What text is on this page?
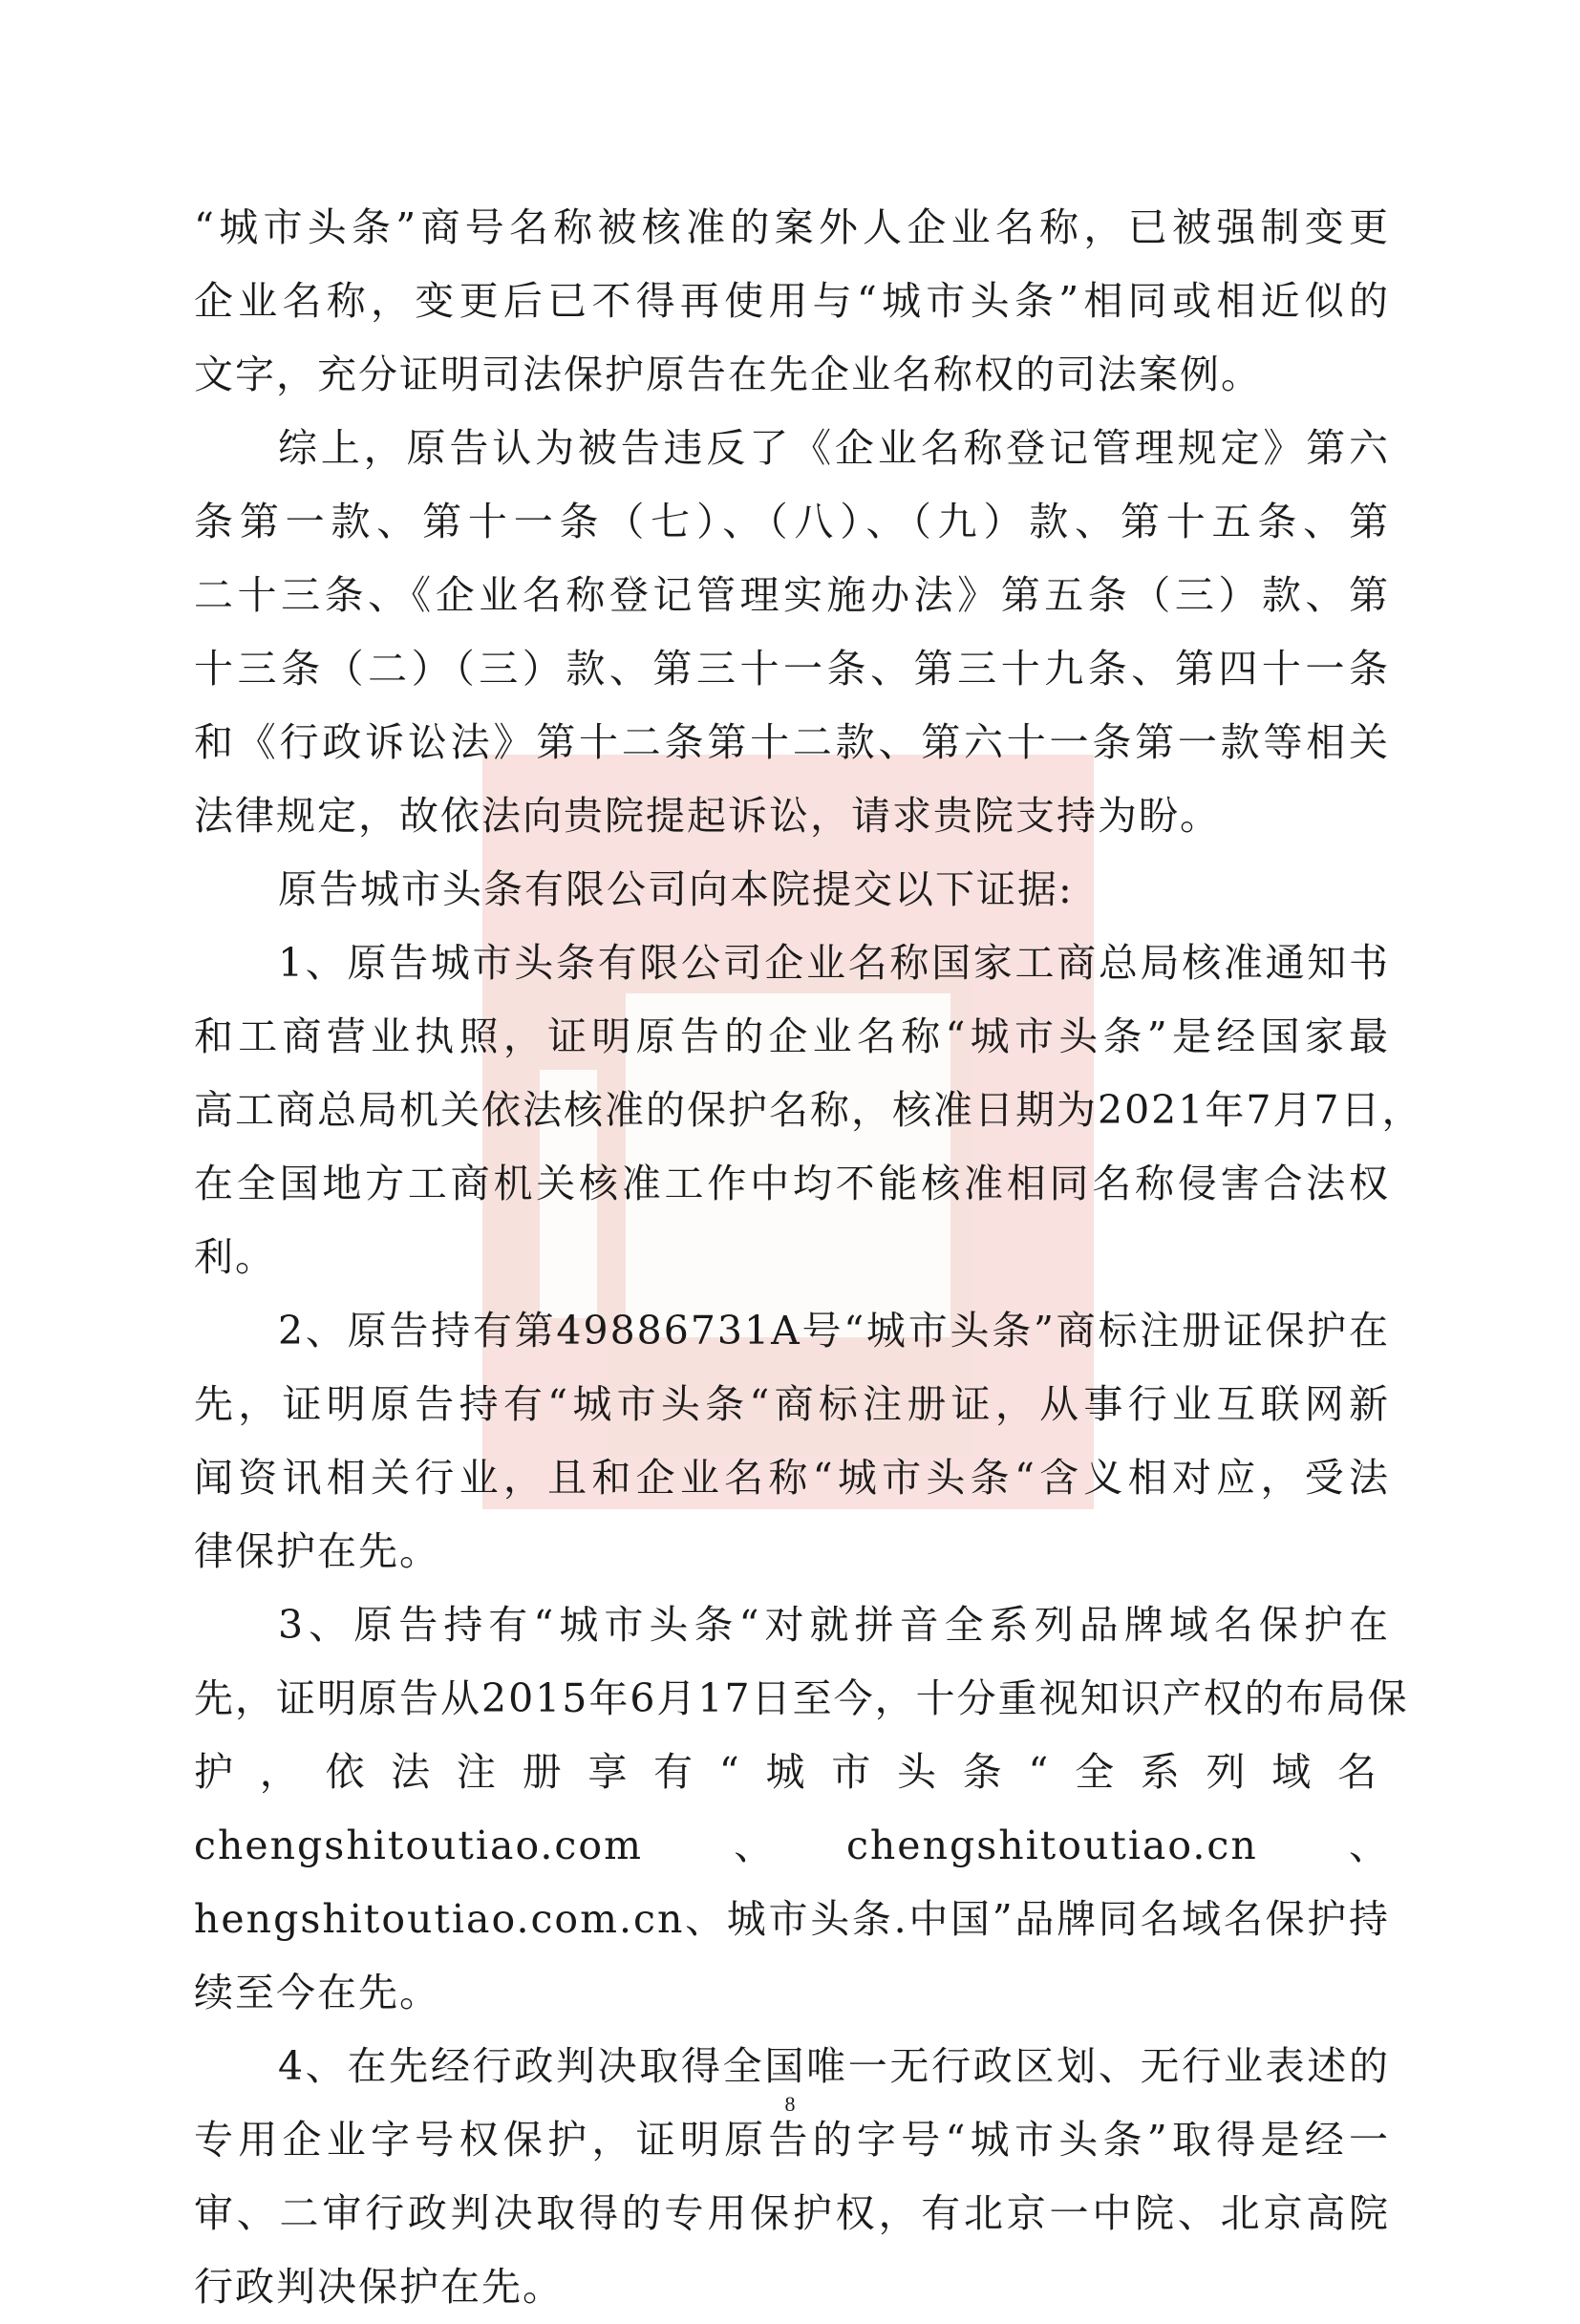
“城市头条”商号名称被核准的案外人企业名称，已被强制变更
企业名称，变更后已不得再使用与“城市头条”相同或相近似的
文字，充分证明司法保护原告在先企业名称权的司法案例。
综上，原告认为被告违反了《企业名称登记管理规定》第六
条第一款、第十一条（七）、（八）、（九）款、第十五条、第
二十三条、《企业名称登记管理实施办法》第五条（三）款、第
十三条（二）（三）款、第三十一条、第三十九条、第四十一条
和《行政诉讼法》第十二条第十二款、第六十一条第一款等相关
法律规定，故依法向贵院提起诉讼，请求贵院支持为盼。
原告城市头条有限公司向本院提交以下证据:
1、原告城市头条有限公司企业名称国家工商总局核准通知书
和工商营业执照，证明原告的企业名称“城市头条”是经国家最
高工商总局机关依法核准的保护名称，核准日期为2021年7月7日，
在全国地方工商机关核准工作中均不能核准相同名称侵害合法权
利。
2、原告持有第49886731A号“城市头条”商标注册证保护在
先，证明原告持有“城市头条“商标注册证，从事行业互联网新
闻资讯相关行业，且和企业名称“城市头条“含义相对应，受法
律保护在先。
3、原告持有“城市头条“对就拼音全系列品牌域名保护在
先，证明原告从2015年6月17日至今，十分重视知识产权的布局保
护，依法注册享有“城市头条“全系列域名
chengshitoutiao.com　　、　　chengshitoutiao.cn　　、
hengshitoutiao.com.cn、城市头条.中国”品牌同名域名保护持
续至今在先。
4、在先经行政判决取得全国唯一无行政区划、无行业表述的
专用企业字号权保护，证明原告的字号“城市头条”取得是经一
审、二审行政判决取得的专用保护权，有北京一中院、北京高院
行政判决保护在先。
8
